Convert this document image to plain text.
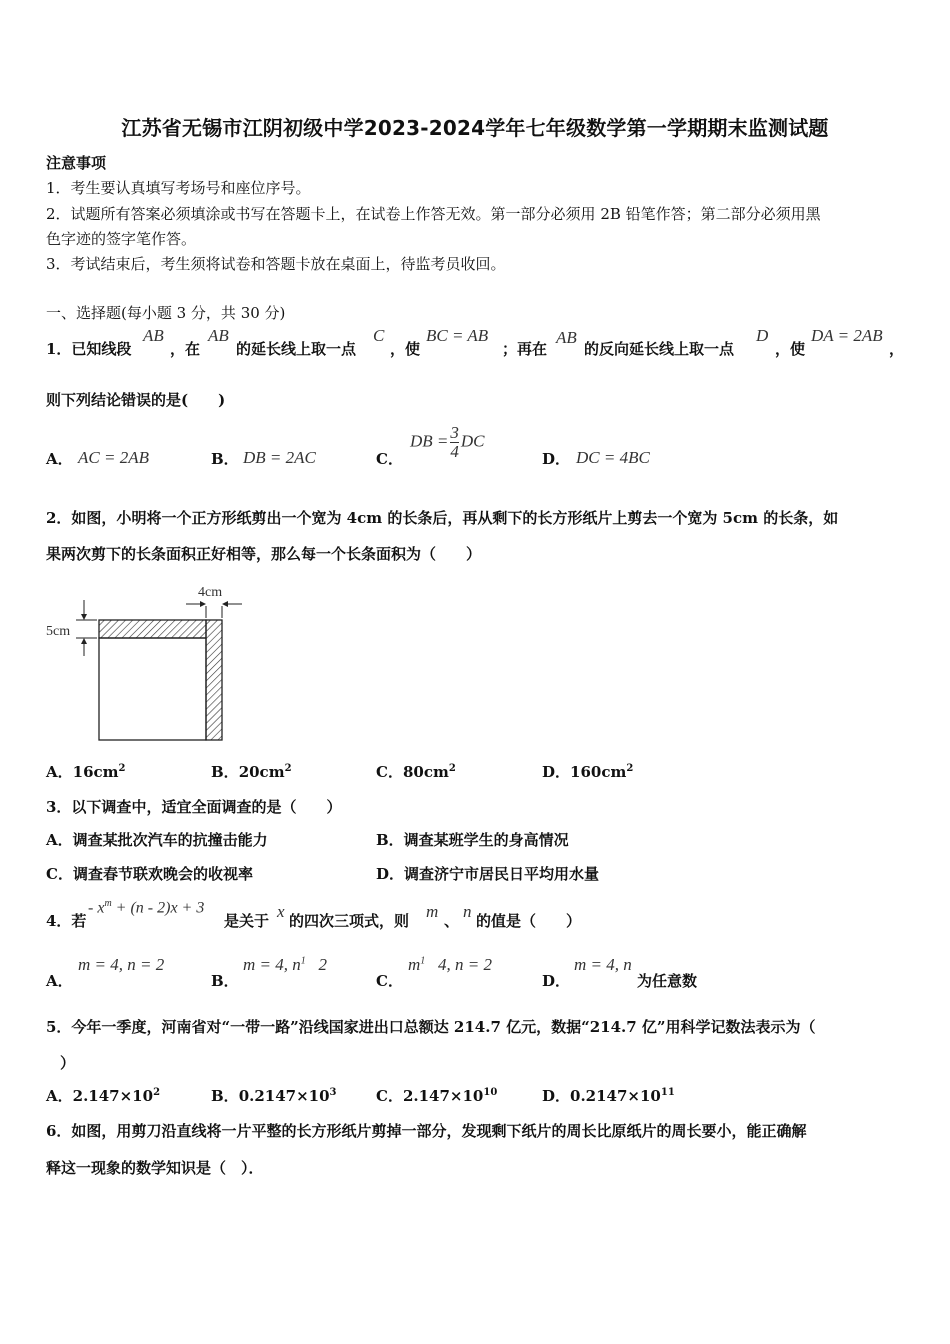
江苏省无锡市江阴初级中学2023-2024学年七年级数学第一学期期末监测试题
注意事项
1．考生要认真填写考场号和座位序号。
2．试题所有答案必须填涂或书写在答题卡上，在试卷上作答无效。第一部分必须用 2B 铅笔作答；第二部分必须用黑
色字迹的签字笔作答。
3．考试结束后，考生须将试卷和答题卡放在桌面上，待监考员收回。
一、选择题(每小题 3 分，共 30 分)
1．已知线段
AB
，在
AB
的延长线上取一点
C
，使
BC = AB
；再在
AB
的反向延长线上取一点
D
，使
DA = 2AB
，
则下列结论错误的是(　　)
A． AC = 2AB	B． DB = 2AC	C．
DB = $\frac{3}{4}$ DC
D． DC = 4BC
2．如图，小明将一个正方形纸剪出一个宽为 4cm 的长条后，再从剩下的长方形纸片上剪去一个宽为 5cm 的长条，如
果两次剪下的长条面积正好相等，那么每一个长条面积为（　　）
4cm
5cm
A．$16cm^2$	B．$20cm^2$	C．$80cm^2$	D．$160cm^2$
3．以下调查中，适宜全面调查的是（　　）
A．调查某批次汽车的抗撞击能力	B．调查某班学生的身高情况
C．调查春节联欢晚会的收视率	D．调查济宁市居民日平均用水量
4．若
- $x^m + (n - 2)x + 3$
是关于 x 的四次三项式，则 m 、 n 的值是（　　）
A．
m = 4, n = 2
B．
m = 4, $n^1$ 2
C．
$m^1$ 4, n = 2
D．
m = 4, n
为任意数
5．今年一季度，河南省对“一带一路”沿线国家进出口总额达 214.7 亿元，数据“214.7 亿”用科学记数法表示为（
）
A．$2.147\times 10^2$	B．$0.2147\times 10^3$	C．$2.147\times 10^{10}$	D．$0.2147\times 10^{11}$
6．如图，用剪刀沿直线将一片平整的长方形纸片剪掉一部分，发现剩下纸片的周长比原纸片的周长要小，能正确解
释这一现象的数学知识是（　）．
